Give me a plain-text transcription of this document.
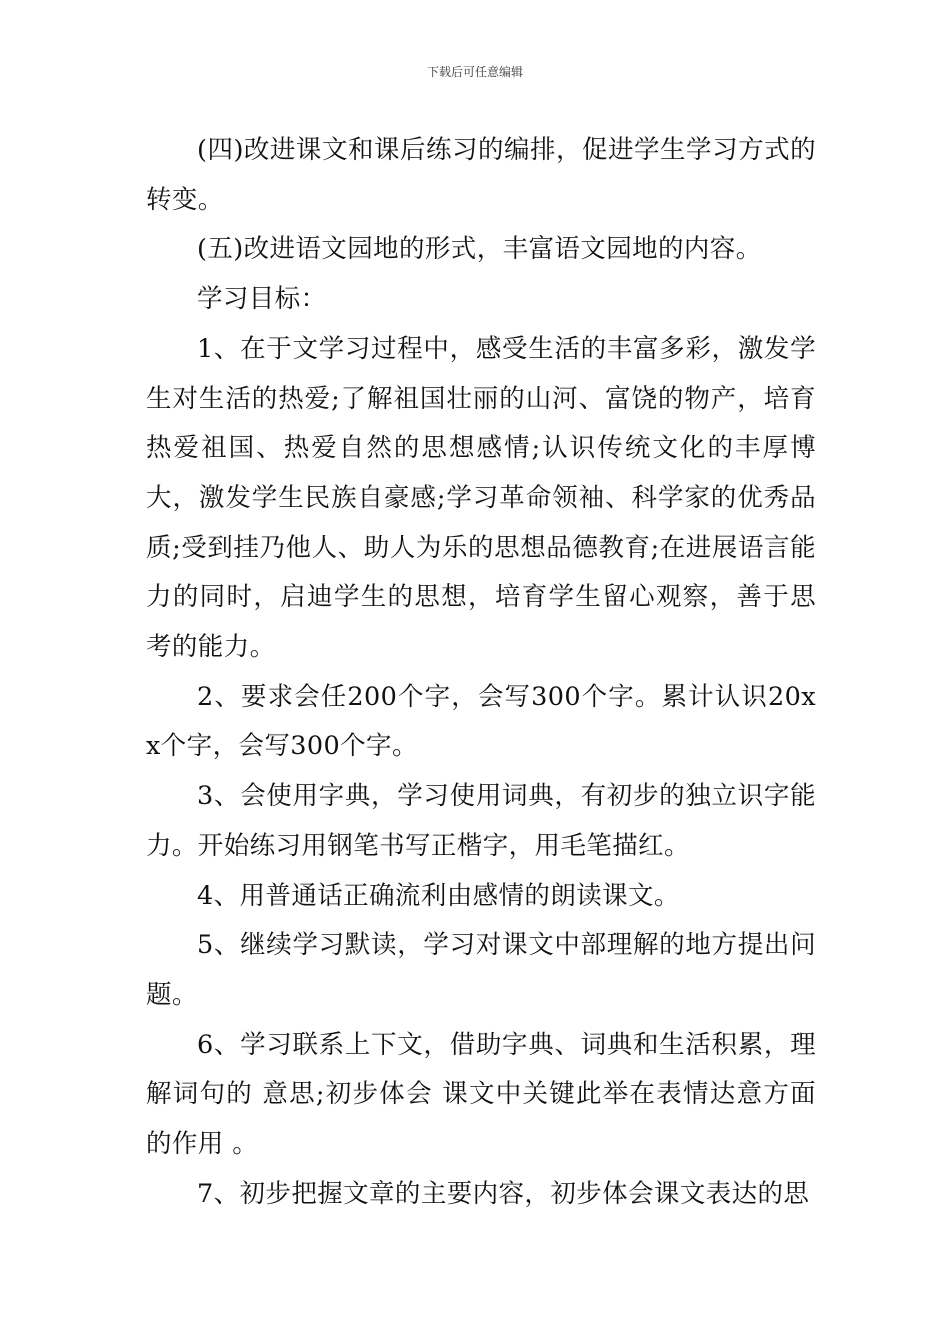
下载后可任意编辑

(四)改进课文和课后练习的编排，促进学生学习方式的转变。

(五)改进语文园地的形式，丰富语文园地的内容。

学习目标：

1、在于文学习过程中，感受生活的丰富多彩，激发学生对生活的热爱;了解祖国壮丽的山河、富饶的物产，培育热爱祖国、热爱自然的思想感情;认识传统文化的丰厚博大，激发学生民族自豪感;学习革命领袖、科学家的优秀品质;受到挂乃他人、助人为乐的思想品德教育;在进展语言能力的同时，启迪学生的思想，培育学生留心观察，善于思考的能力。

2、要求会任200个字，会写300个字。累计认识20xx个字，会写300个字。

3、会使用字典，学习使用词典，有初步的独立识字能力。开始练习用钢笔书写正楷字，用毛笔描红。

4、用普通话正确流利由感情的朗读课文。

5、继续学习默读，学习对课文中部理解的地方提出问题。

6、学习联系上下文，借助字典、词典和生活积累，理解词句的 意思;初步体会 课文中关键此举在表情达意方面的作用 。

7、初步把握文章的主要内容，初步体会课文表达的思
